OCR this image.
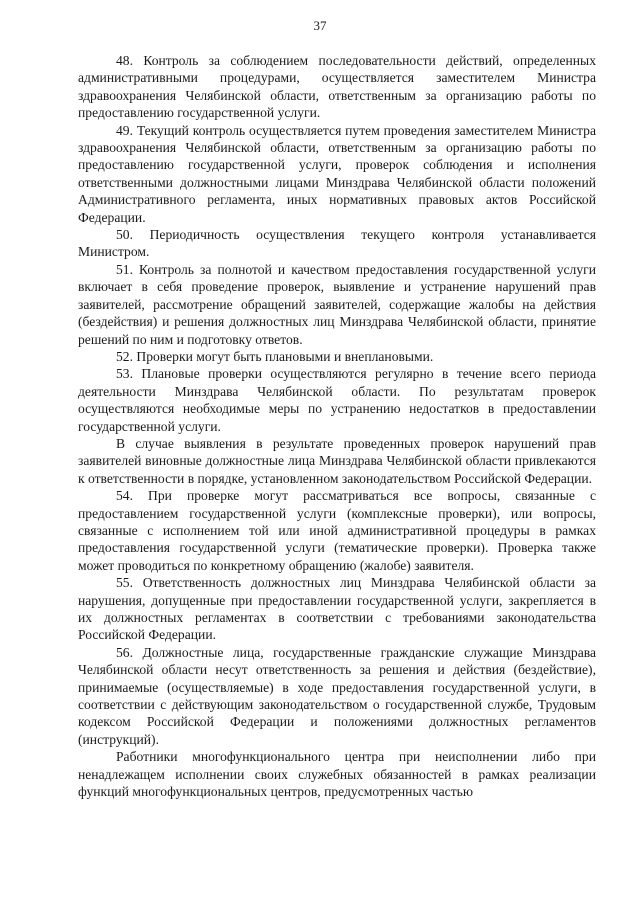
37

48. Контроль за соблюдением последовательности действий, определенных административными процедурами, осуществляется заместителем Министра здравоохранения Челябинской области, ответственным за организацию работы по предоставлению государственной услуги.

49. Текущий контроль осуществляется путем проведения заместителем Министра здравоохранения Челябинской области, ответственным за организацию работы по предоставлению государственной услуги, проверок соблюдения и исполнения ответственными должностными лицами Минздрава Челябинской области положений Административного регламента, иных нормативных правовых актов Российской Федерации.

50. Периодичность осуществления текущего контроля устанавливается Министром.

51. Контроль за полнотой и качеством предоставления государственной услуги включает в себя проведение проверок, выявление и устранение нарушений прав заявителей, рассмотрение обращений заявителей, содержащие жалобы на действия (бездействия) и решения должностных лиц Минздрава Челябинской области, принятие решений по ним и подготовку ответов.

52. Проверки могут быть плановыми и внеплановыми.

53. Плановые проверки осуществляются регулярно в течение всего периода деятельности Минздрава Челябинской области. По результатам проверок осуществляются необходимые меры по устранению недостатков в предоставлении государственной услуги.

В случае выявления в результате проведенных проверок нарушений прав заявителей виновные должностные лица Минздрава Челябинской области привлекаются к ответственности в порядке, установленном законодательством Российской Федерации.

54. При проверке могут рассматриваться все вопросы, связанные с предоставлением государственной услуги (комплексные проверки), или вопросы, связанные с исполнением той или иной административной процедуры в рамках предоставления государственной услуги (тематические проверки). Проверка также может проводиться по конкретному обращению (жалобе) заявителя.

55. Ответственность должностных лиц Минздрава Челябинской области за нарушения, допущенные при предоставлении государственной услуги, закрепляется в их должностных регламентах в соответствии с требованиями законодательства Российской Федерации.

56. Должностные лица, государственные гражданские служащие Минздрава Челябинской области несут ответственность за решения и действия (бездействие), принимаемые (осуществляемые) в ходе предоставления государственной услуги, в соответствии с действующим законодательством о государственной службе, Трудовым кодексом Российской Федерации и положениями должностных регламентов (инструкций).

Работники многофункционального центра при неисполнении либо при ненадлежащем исполнении своих служебных обязанностей в рамках реализации функций многофункциональных центров, предусмотренных частью
